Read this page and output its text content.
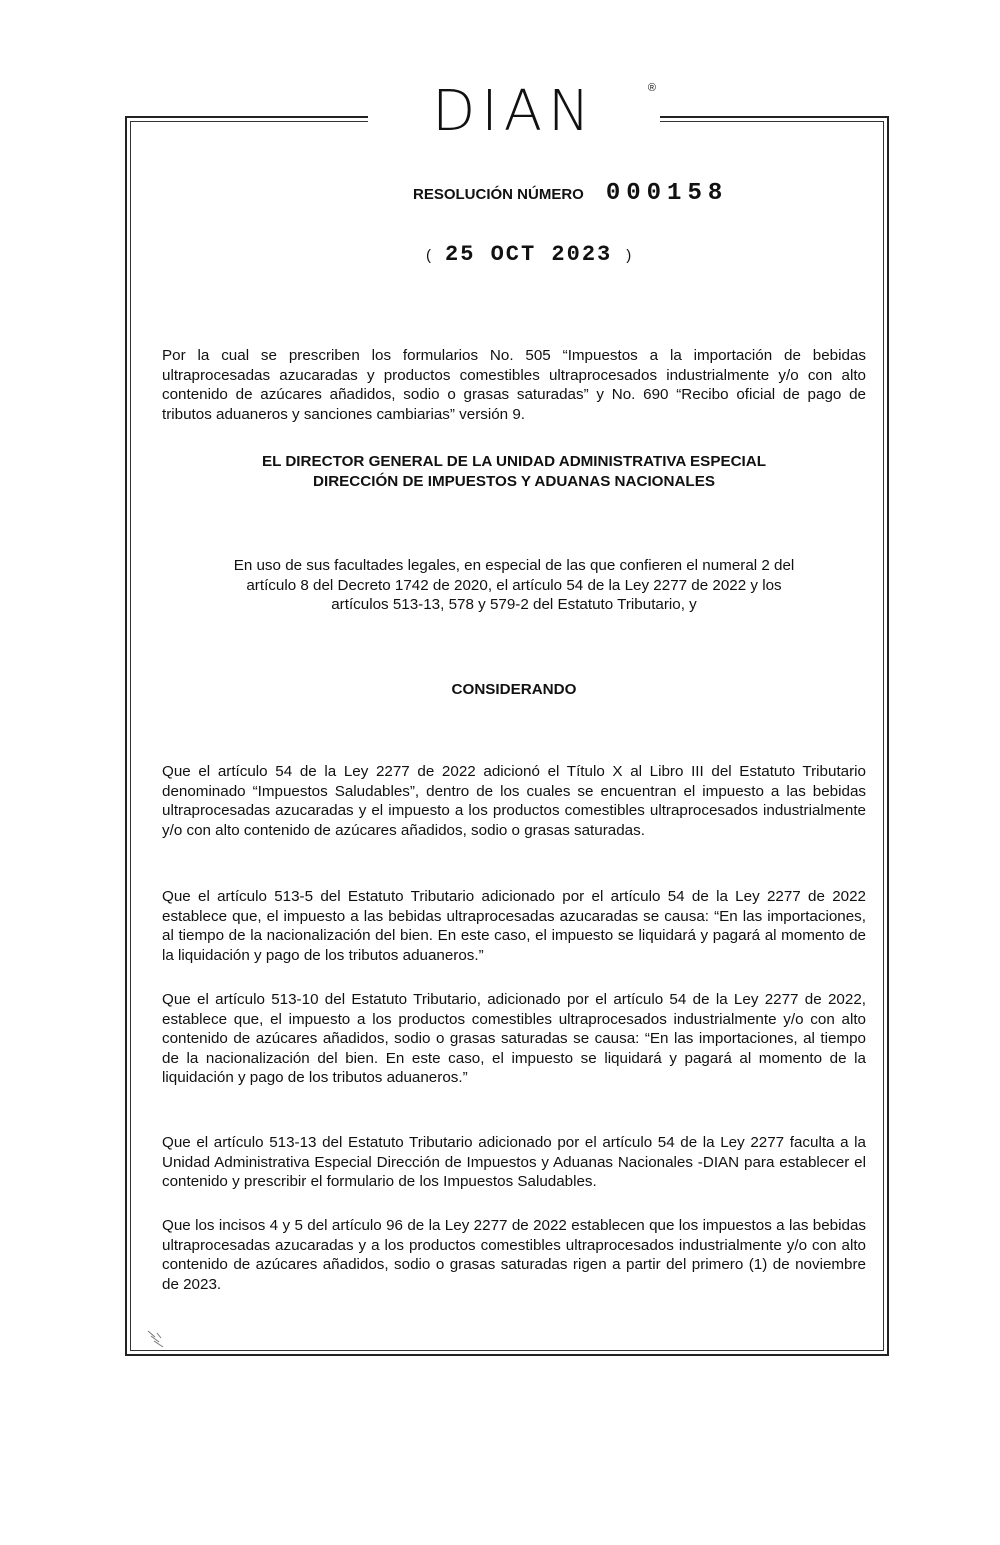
DIAN	®
RESOLUCIÓN NÚMERO 000158
( 25 OCT 2023 )

Por la cual se prescriben los formularios No. 505 “Impuestos a la importación de bebidas ultraprocesadas azucaradas y productos comestibles ultraprocesados industrialmente y/o con alto contenido de azúcares añadidos, sodio o grasas saturadas” y No. 690 “Recibo oficial de pago de tributos aduaneros y sanciones cambiarias” versión 9.

EL DIRECTOR GENERAL DE LA UNIDAD ADMINISTRATIVA ESPECIAL
DIRECCIÓN DE IMPUESTOS Y ADUANAS NACIONALES

En uso de sus facultades legales, en especial de las que confieren el numeral 2 del artículo 8 del Decreto 1742 de 2020, el artículo 54 de la Ley 2277 de 2022 y los artículos 513-13, 578 y 579-2 del Estatuto Tributario, y

CONSIDERANDO

Que el artículo 54 de la Ley 2277 de 2022 adicionó el Título X al Libro III del Estatuto Tributario denominado “Impuestos Saludables”, dentro de los cuales se encuentran el impuesto a las bebidas ultraprocesadas azucaradas y el impuesto a los productos comestibles ultraprocesados industrialmente y/o con alto contenido de azúcares añadidos, sodio o grasas saturadas.

Que el artículo 513-5 del Estatuto Tributario adicionado por el artículo 54 de la Ley 2277 de 2022 establece que, el impuesto a las bebidas ultraprocesadas azucaradas se causa: “En las importaciones, al tiempo de la nacionalización del bien. En este caso, el impuesto se liquidará y pagará al momento de la liquidación y pago de los tributos aduaneros.”

Que el artículo 513-10 del Estatuto Tributario, adicionado por el artículo 54 de la Ley 2277 de 2022, establece que, el impuesto a los productos comestibles ultraprocesados industrialmente y/o con alto contenido de azúcares añadidos, sodio o grasas saturadas se causa: “En las importaciones, al tiempo de la nacionalización del bien. En este caso, el impuesto se liquidará y pagará al momento de la liquidación y pago de los tributos aduaneros.”

Que el artículo 513-13 del Estatuto Tributario adicionado por el artículo 54 de la Ley 2277 faculta a la Unidad Administrativa Especial Dirección de Impuestos y Aduanas Nacionales -DIAN para establecer el contenido y prescribir el formulario de los Impuestos Saludables.

Que los incisos 4 y 5 del artículo 96 de la Ley 2277 de 2022 establecen que los impuestos a las bebidas ultraprocesadas azucaradas y a los productos comestibles ultraprocesados industrialmente y/o con alto contenido de azúcares añadidos, sodio o grasas saturadas rigen a partir del primero (1) de noviembre de 2023.
